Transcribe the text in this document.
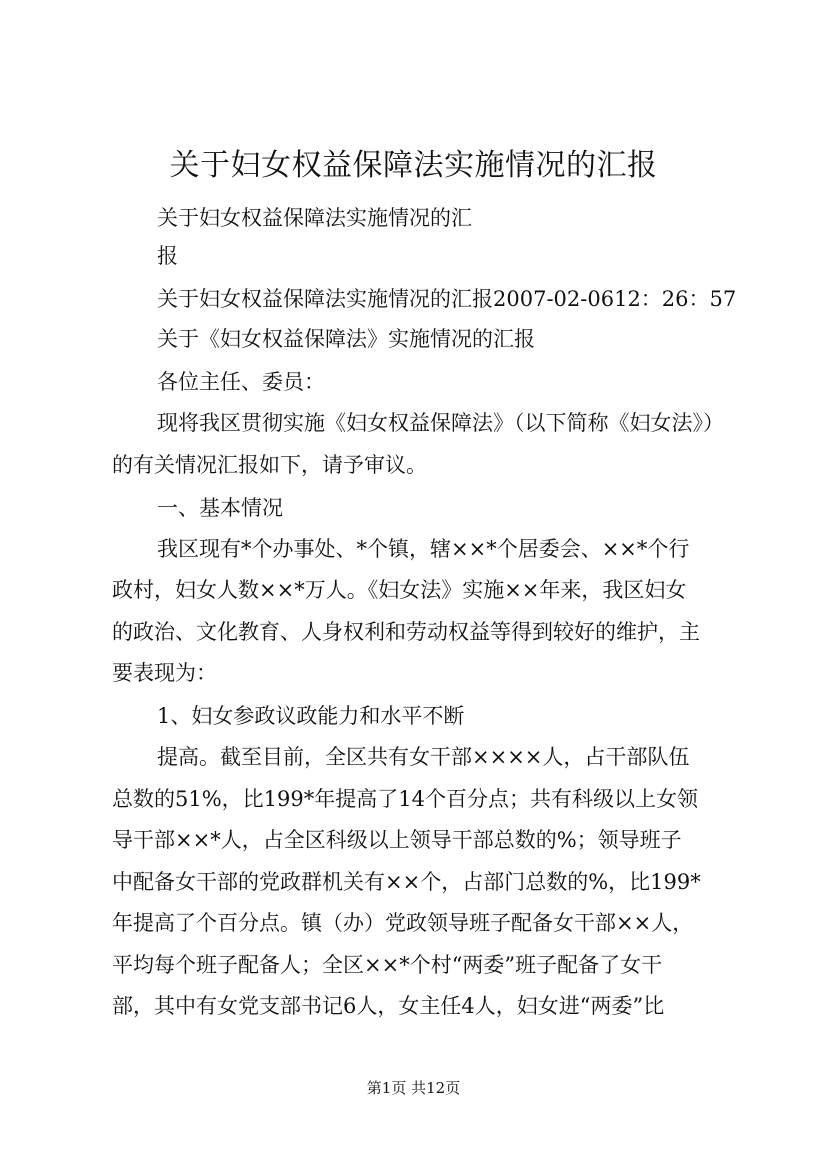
关于妇女权益保障法实施情况的汇报
关于妇女权益保障法实施情况的汇
报
关于妇女权益保障法实施情况的汇报2007-02-0612：26：57
关于《妇女权益保障法》实施情况的汇报
各位主任、委员：
现将我区贯彻实施《妇女权益保障法》（以下简称《妇女法》）
的有关情况汇报如下，请予审议。
一、基本情况
我区现有*个办事处、*个镇，辖××*个居委会、××*个行
政村，妇女人数××*万人。《妇女法》实施××年来，我区妇女
的政治、文化教育、人身权利和劳动权益等得到较好的维护，主
要表现为：
1、妇女参政议政能力和水平不断
提高。截至目前，全区共有女干部××××人，占干部队伍
总数的51%，比199*年提高了14个百分点；共有科级以上女领
导干部××*人，占全区科级以上领导干部总数的%；领导班子
中配备女干部的党政群机关有××个，占部门总数的%，比199*
年提高了个百分点。镇（办）党政领导班子配备女干部××人，
平均每个班子配备人；全区××*个村“两委”班子配备了女干
部，其中有女党支部书记6人，女主任4人，妇女进“两委”比
第1页 共12页
